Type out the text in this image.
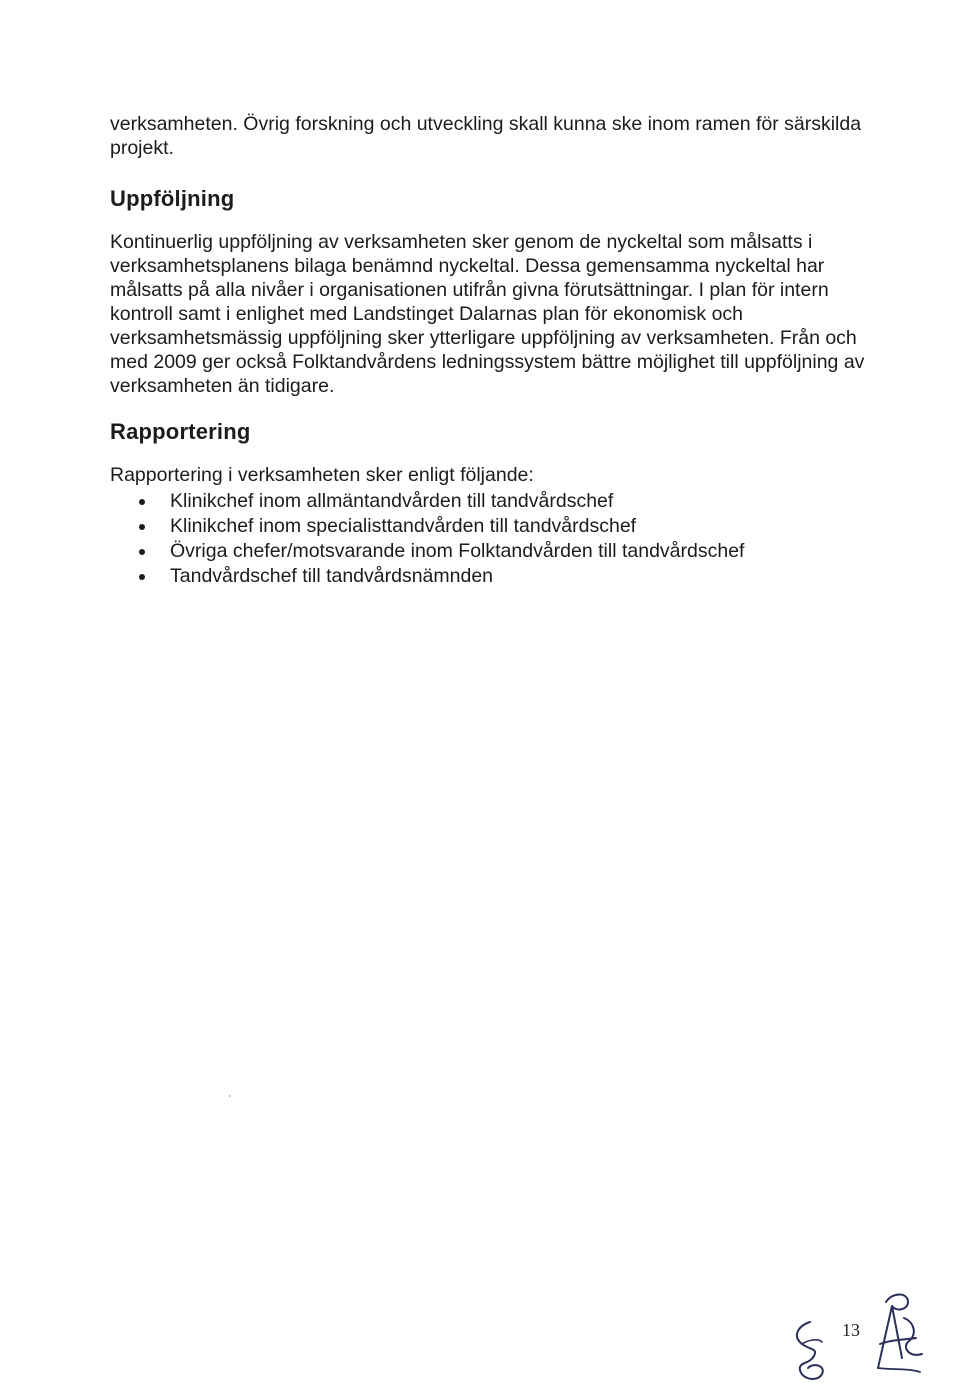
verksamheten. Övrig forskning och utveckling skall kunna ske inom ramen för särskilda projekt.

Uppföljning

Kontinuerlig uppföljning av verksamheten sker genom de nyckeltal som målsatts i verksamhetsplanens bilaga benämnd nyckeltal. Dessa gemensamma nyckeltal har målsatts på alla nivåer i organisationen utifrån givna förutsättningar. I plan för intern kontroll samt i enlighet med Landstinget Dalarnas plan för ekonomisk och verksamhetsmässig uppföljning sker ytterligare uppföljning av verksamheten. Från och med 2009 ger också Folktandvårdens ledningssystem bättre möjlighet till uppföljning av verksamheten än tidigare.

Rapportering

Rapportering i verksamheten sker enligt följande:

Klinikchef inom allmäntandvården till tandvårdschef
Klinikchef inom specialisttandvården till tandvårdschef
Övriga chefer/motsvarande inom Folktandvården till tandvårdschef
Tandvårdschef till tandvårdsnämnden
13
